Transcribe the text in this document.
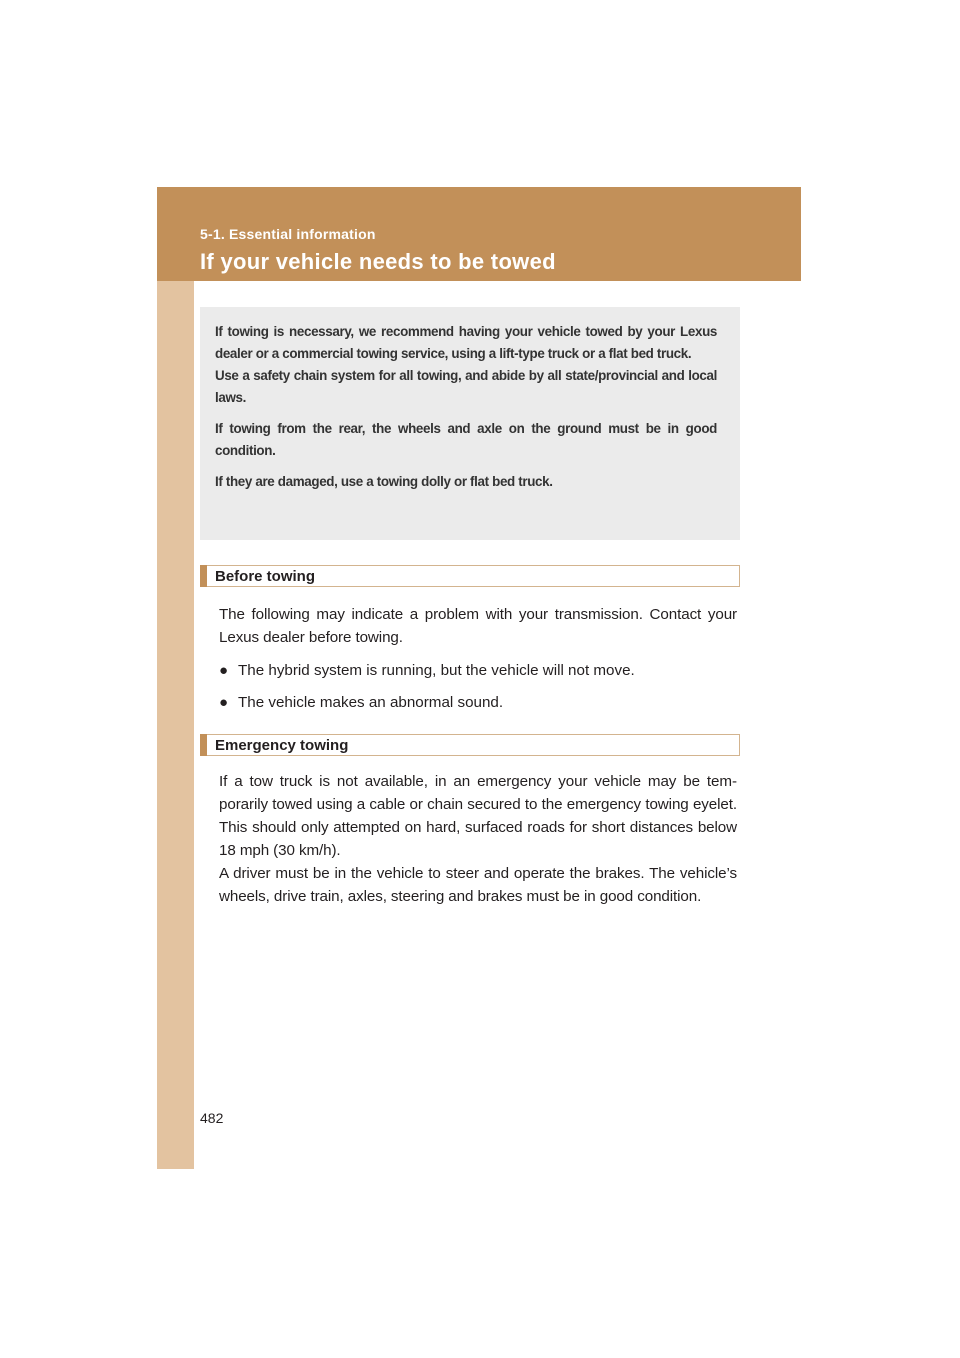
5-1. Essential information
If your vehicle needs to be towed

If towing is necessary, we recommend having your vehicle towed by your Lexus dealer or a commercial towing service, using a lift-type truck or a flat bed truck.

Use a safety chain system for all towing, and abide by all state/provincial and local laws.

If towing from the rear, the wheels and axle on the ground must be in good condition.

If they are damaged, use a towing dolly or flat bed truck.

Before towing

The following may indicate a problem with your transmission. Contact your Lexus dealer before towing.

● The hybrid system is running, but the vehicle will not move.
● The vehicle makes an abnormal sound.
Emergency towing

If a tow truck is not available, in an emergency your vehicle may be temporarily towed using a cable or chain secured to the emergency towing eyelet. This should only attempted on hard, surfaced roads for short distances below 18 mph (30 km/h).

A driver must be in the vehicle to steer and operate the brakes. The vehicle’s wheels, drive train, axles, steering and brakes must be in good condition.

482
